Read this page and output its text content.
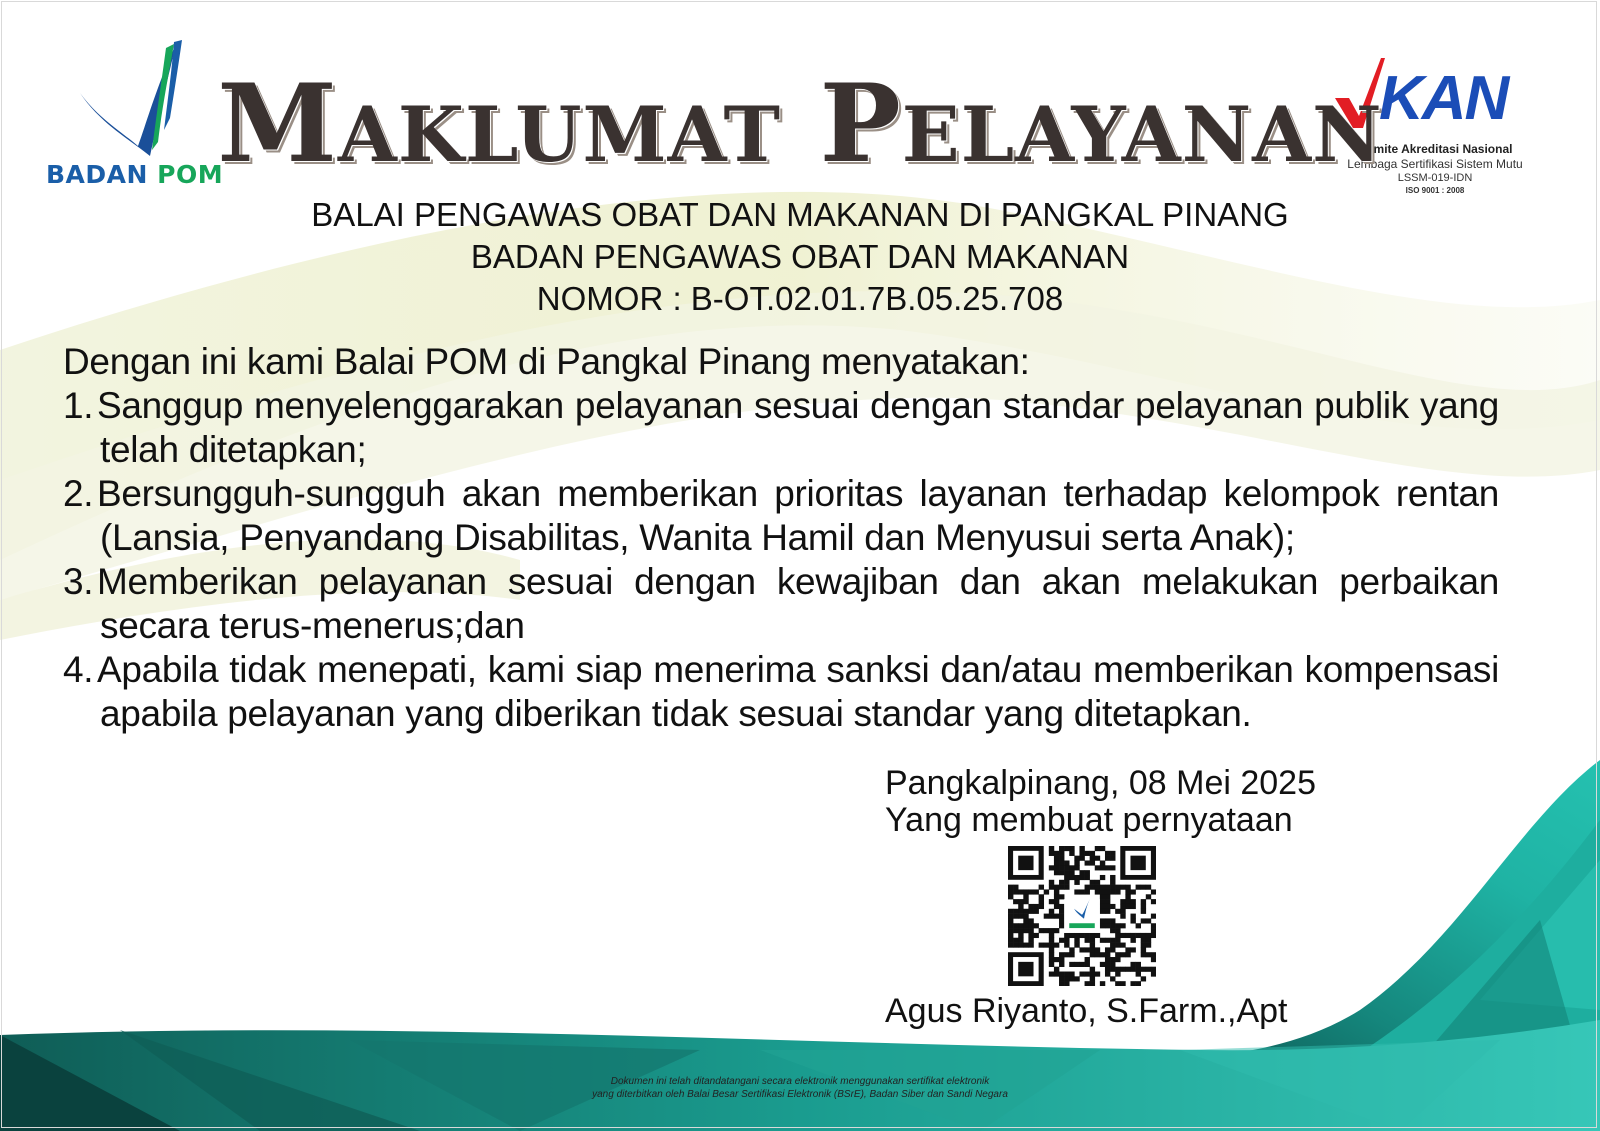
BADAN POM
KAN
Komite Akreditasi Nasional
Lembaga Sertifikasi Sistem Mutu
LSSM-019-IDN
ISO 9001 : 2008
Maklumat Pelayanan
BALAI PENGAWAS OBAT DAN MAKANAN DI PANGKAL PINANG
BADAN PENGAWAS OBAT DAN MAKANAN
NOMOR : B-OT.02.01.7B.05.25.708
Dengan ini kami Balai POM di Pangkal Pinang menyatakan:
1. Sanggup menyelenggarakan pelayanan sesuai dengan standar pelayanan publik yang telah ditetapkan;
2. Bersungguh-sungguh akan memberikan prioritas layanan terhadap kelompok rentan (Lansia, Penyandang Disabilitas, Wanita Hamil dan Menyusui serta Anak);
3. Memberikan pelayanan sesuai dengan kewajiban dan akan melakukan perbaikan secara terus-menerus;dan
4. Apabila tidak menepati, kami siap menerima sanksi dan/atau memberikan kompensasi apabila pelayanan yang diberikan tidak sesuai standar yang ditetapkan.
Pangkalpinang, 08 Mei 2025
Yang membuat pernyataan
Agus Riyanto, S.Farm.,Apt
Dokumen ini telah ditandatangani secara elektronik menggunakan sertifikat elektronik
yang diterbitkan oleh Balai Besar Sertifikasi Elektronik (BSrE), Badan Siber dan Sandi Negara
